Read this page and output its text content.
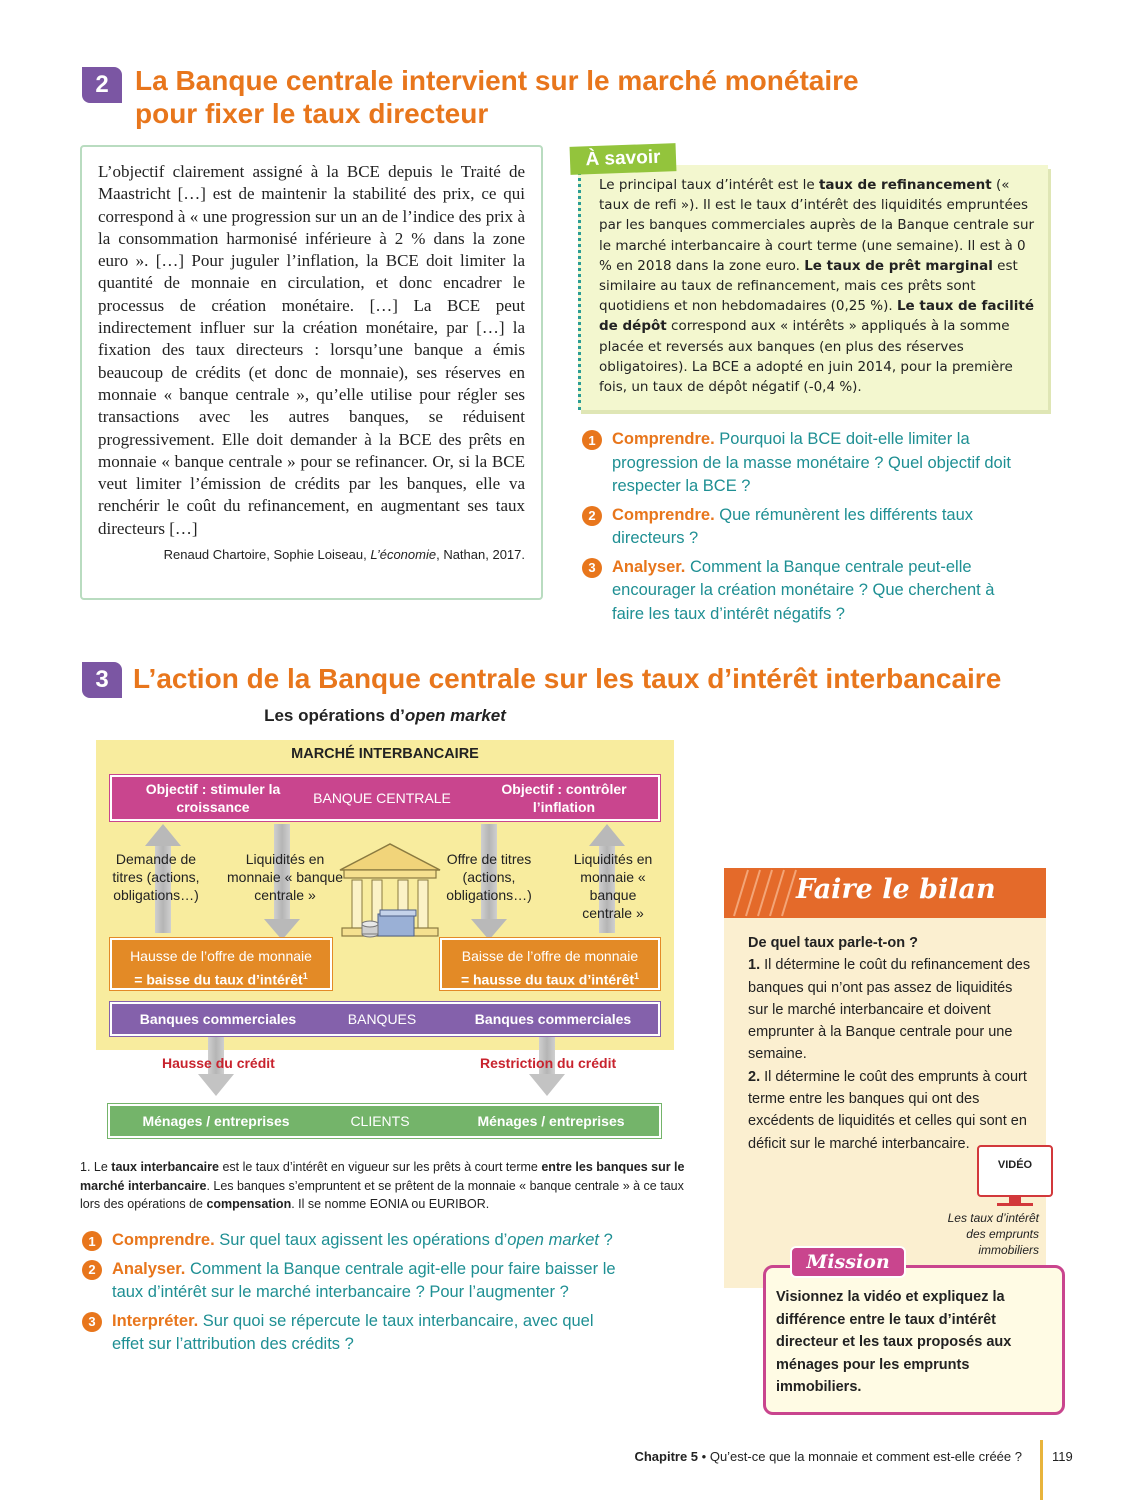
2 La Banque centrale intervient sur le marché monétaire
pour fixer le taux directeur

L’objectif clairement assigné à la BCE depuis le Traité de Maastricht […] est de maintenir la stabilité des prix, ce qui correspond à « une progression sur un an de l’indice des prix à la consommation harmonisé inférieure à 2 % dans la zone euro ». […] Pour juguler l’inflation, la BCE doit limiter la quantité de monnaie en circulation, et donc encadrer le processus de création monétaire. […] La BCE peut indirectement influer sur la création monétaire, par […] la fixation des taux directeurs : lorsqu’une banque a émis beaucoup de crédits (et donc de monnaie), ses réserves en monnaie « banque centrale », qu’elle utilise pour régler ses transactions avec les autres banques, se réduisent progressivement. Elle doit demander à la BCE des prêts en monnaie « banque centrale » pour se refinancer. Or, si la BCE veut limiter l’émission de crédits par les banques, elle va renchérir le coût du refinancement, en augmentant ses taux directeurs […]

Renaud Chartoire, Sophie Loiseau, L’économie, Nathan, 2017.

À savoir

Le principal taux d’intérêt est le taux de refinancement (« taux de refi »). Il est le taux d’intérêt des liquidités empruntées par les banques commerciales auprès de la Banque centrale sur le marché interbancaire à court terme (une semaine). Il est à 0 % en 2018 dans la zone euro. Le taux de prêt marginal est similaire au taux de refinancement, mais ces prêts sont quotidiens et non hebdomadaires (0,25 %). Le taux de facilité de dépôt correspond aux « intérêts » appliqués à la somme placée et reversés aux banques (en plus des réserves obligatoires). La BCE a adopté en juin 2014, pour la première fois, un taux de dépôt négatif (-0,4 %).

1 Comprendre. Pourquoi la BCE doit-elle limiter la progression de la masse monétaire ? Quel objectif doit respecter la BCE ?
2 Comprendre. Que rémunèrent les différents taux directeurs ?
3 Analyser. Comment la Banque centrale peut-elle encourager la création monétaire ? Que cherchent à faire les taux d’intérêt négatifs ?
3 L’action de la Banque centrale sur les taux d’intérêt interbancaire
Les opérations d’open market
MARCHÉ INTERBANCAIRE
Objectif : stimuler la croissance
BANQUE CENTRALE
Objectif : contrôler l’inflation
Demande de titres (actions, obligations…)
Liquidités en monnaie « banque centrale »
Offre de titres (actions, obligations…)
Liquidités en monnaie « banque centrale »
Hausse de l’offre de monnaie
= baisse du taux d’intérêt$^1$
Baisse de l’offre de monnaie
= hausse du taux d’intérêt$^1$
Banques commerciales	BANQUES	Banques commerciales
Hausse du crédit	Restriction du crédit
Ménages / entreprises	CLIENTS	Ménages / entreprises

1. Le taux interbancaire est le taux d’intérêt en vigueur sur les prêts à court terme entre les banques sur le marché interbancaire. Les banques s’empruntent et se prêtent de la monnaie « banque centrale » à ce taux lors des opérations de compensation. Il se nomme EONIA ou EURIBOR.

1 Comprendre. Sur quel taux agissent les opérations d’open market ?
2 Analyser. Comment la Banque centrale agit-elle pour faire baisser le taux d’intérêt sur le marché interbancaire ? Pour l’augmenter ?
3 Interpréter. Sur quoi se répercute le taux interbancaire, avec quel effet sur l’attribution des crédits ?
Faire le bilan
De quel taux parle-t-on ?
1. Il détermine le coût du refinancement des banques qui n’ont pas assez de liquidités sur le marché interbancaire et doivent emprunter à la Banque centrale pour une semaine.
2. Il détermine le coût des emprunts à court terme entre les banques qui ont des excédents de liquidités et celles qui sont en déficit sur le marché interbancaire.
VIDÉO
Les taux d’intérêt des emprunts immobiliers

Visionnez la vidéo et expliquez la différence entre le taux d’intérêt directeur et les taux proposés aux ménages pour les emprunts immobiliers.

Mission
Chapitre 5 • Qu’est-ce que la monnaie et comment est-elle créée ? 119
